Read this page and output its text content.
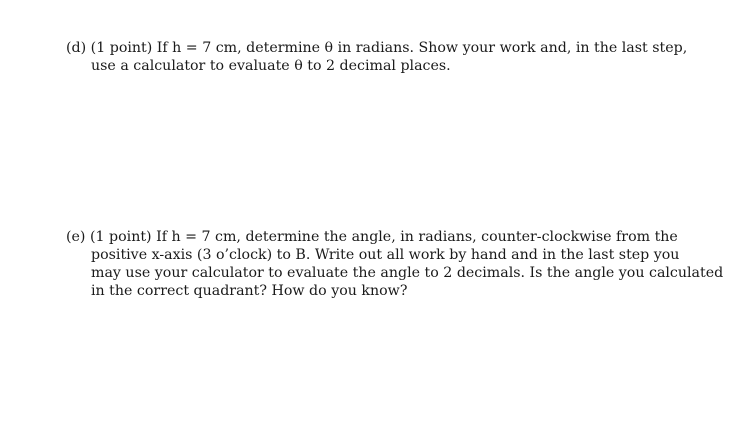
(d) (1 point) If h = 7 cm, determine θ in radians. Show your work and, in the last step,
use a calculator to evaluate θ to 2 decimal places.
(e) (1 point) If h = 7 cm, determine the angle, in radians, counter-clockwise from the
positive x-axis (3 o’clock) to B. Write out all work by hand and in the last step you
may use your calculator to evaluate the angle to 2 decimals. Is the angle you calculated
in the correct quadrant? How do you know?
